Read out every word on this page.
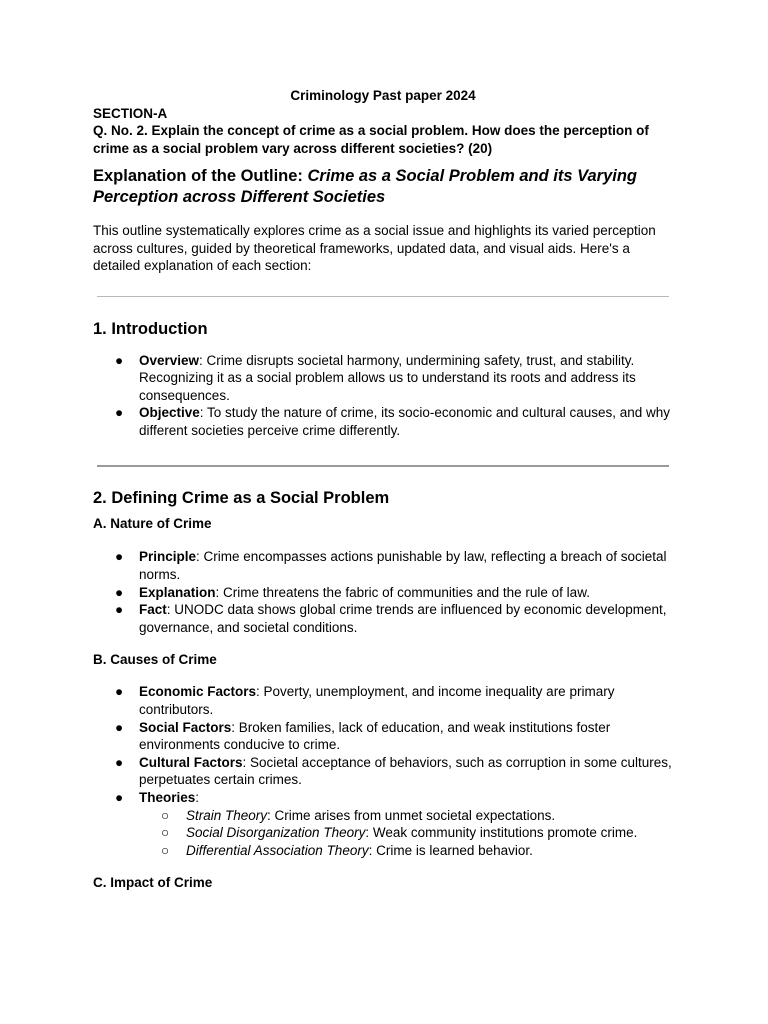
Criminology Past paper 2024
SECTION-A
Q. No. 2. Explain the concept of crime as a social problem. How does the perception of crime as a social problem vary across different societies? (20)
Explanation of the Outline: Crime as a Social Problem and its Varying Perception across Different Societies
This outline systematically explores crime as a social issue and highlights its varied perception across cultures, guided by theoretical frameworks, updated data, and visual aids. Here's a detailed explanation of each section:
1. Introduction
● Overview: Crime disrupts societal harmony, undermining safety, trust, and stability. Recognizing it as a social problem allows us to understand its roots and address its consequences.
● Objective: To study the nature of crime, its socio-economic and cultural causes, and why different societies perceive crime differently.
2. Defining Crime as a Social Problem
A. Nature of Crime
● Principle: Crime encompasses actions punishable by law, reflecting a breach of societal norms.
● Explanation: Crime threatens the fabric of communities and the rule of law.
● Fact: UNODC data shows global crime trends are influenced by economic development, governance, and societal conditions.
B. Causes of Crime
● Economic Factors: Poverty, unemployment, and income inequality are primary contributors.
● Social Factors: Broken families, lack of education, and weak institutions foster environments conducive to crime.
● Cultural Factors: Societal acceptance of behaviors, such as corruption in some cultures, perpetuates certain crimes.
● Theories:
○ Strain Theory: Crime arises from unmet societal expectations.
○ Social Disorganization Theory: Weak community institutions promote crime.
○ Differential Association Theory: Crime is learned behavior.
C. Impact of Crime
